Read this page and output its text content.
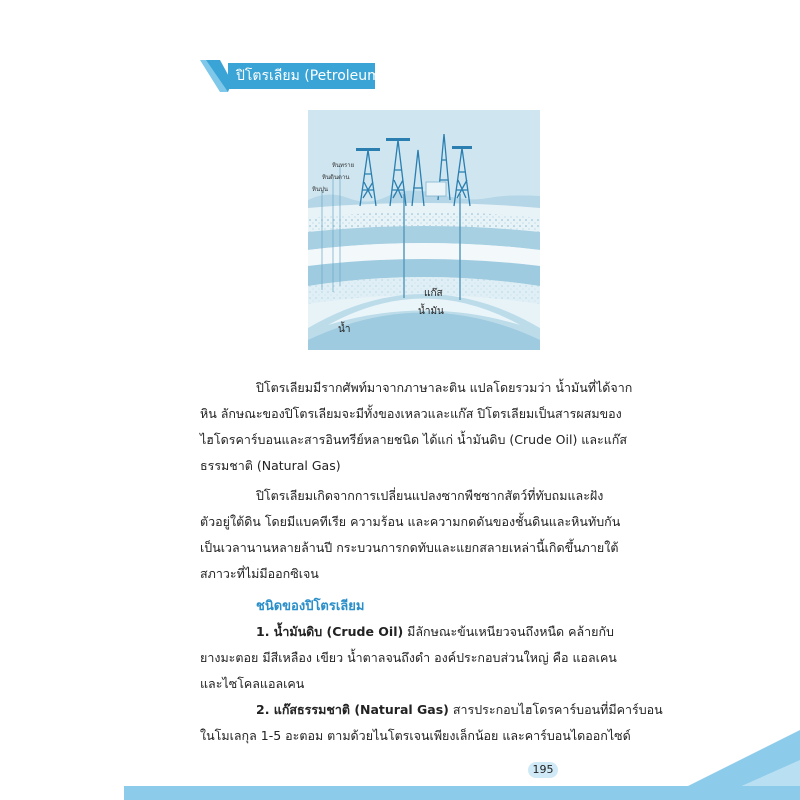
ปิโตรเลียม (Petroleum)
หินทราย
หินดินดาน
หินปูน
แก๊ส
น้ำมัน
น้ำ
ปิโตรเลียมมีรากศัพท์มาจากภาษาละติน แปลโดยรวมว่า น้ำมันที่ได้จาก
หิน ลักษณะของปิโตรเลียมจะมีทั้งของเหลวและแก๊ส ปิโตรเลียมเป็นสารผสมของ
ไฮโดรคาร์บอนและสารอินทรีย์หลายชนิด ได้แก่ น้ำมันดิบ (Crude Oil) และแก๊ส
ธรรมชาติ (Natural Gas)
ปิโตรเลียมเกิดจากการเปลี่ยนแปลงซากพืชซากสัตว์ที่ทับถมและฝัง
ตัวอยู่ใต้ดิน โดยมีแบคทีเรีย ความร้อน และความกดดันของชั้นดินและหินทับกัน
เป็นเวลานานหลายล้านปี กระบวนการกดทับและแยกสลายเหล่านี้เกิดขึ้นภายใต้
สภาวะที่ไม่มีออกซิเจน
ชนิดของปิโตรเลียม
1. น้ำมันดิบ (Crude Oil) มีลักษณะข้นเหนียวจนถึงหนืด คล้ายกับ
ยางมะตอย มีสีเหลือง เขียว น้ำตาลจนถึงดำ องค์ประกอบส่วนใหญ่ คือ แอลเคน
และไซโคลแอลเคน
2. แก๊สธรรมชาติ (Natural Gas) สารประกอบไฮโดรคาร์บอนที่มีคาร์บอน
ในโมเลกุล 1-5 อะตอม ตามด้วยไนโตรเจนเพียงเล็กน้อย และคาร์บอนไดออกไซด์
195
